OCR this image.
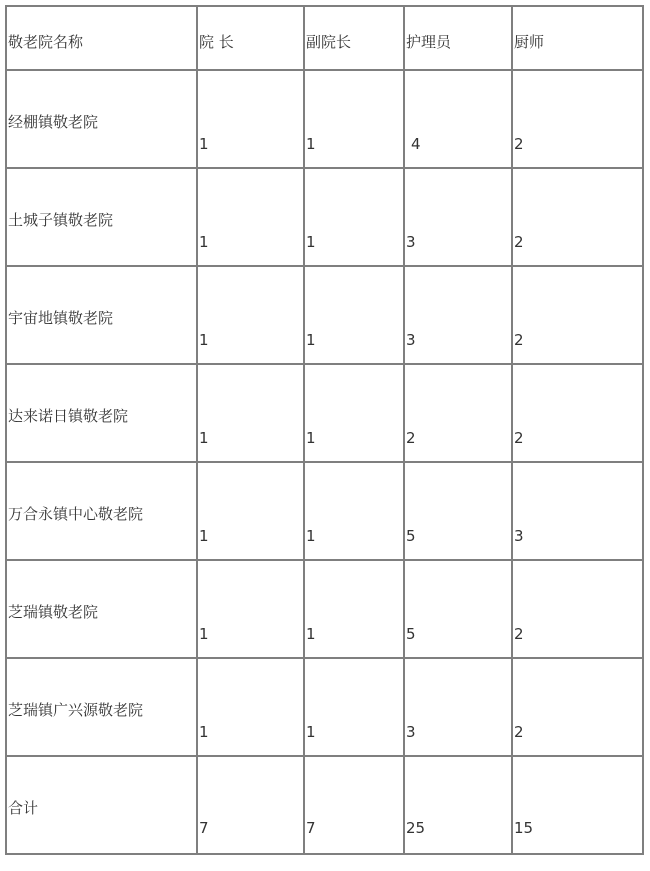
敬老院名称	院 长	副院长	护理员	厨师
经棚镇敬老院	1	1	4	2
土城子镇敬老院	1	1	3	2
宇宙地镇敬老院	1	1	3	2
达来诺日镇敬老院	1	1	2	2
万合永镇中心敬老院	1	1	5	3
芝瑞镇敬老院	1	1	5	2
芝瑞镇广兴源敬老院	1	1	3	2
合计	7	7	25	15
